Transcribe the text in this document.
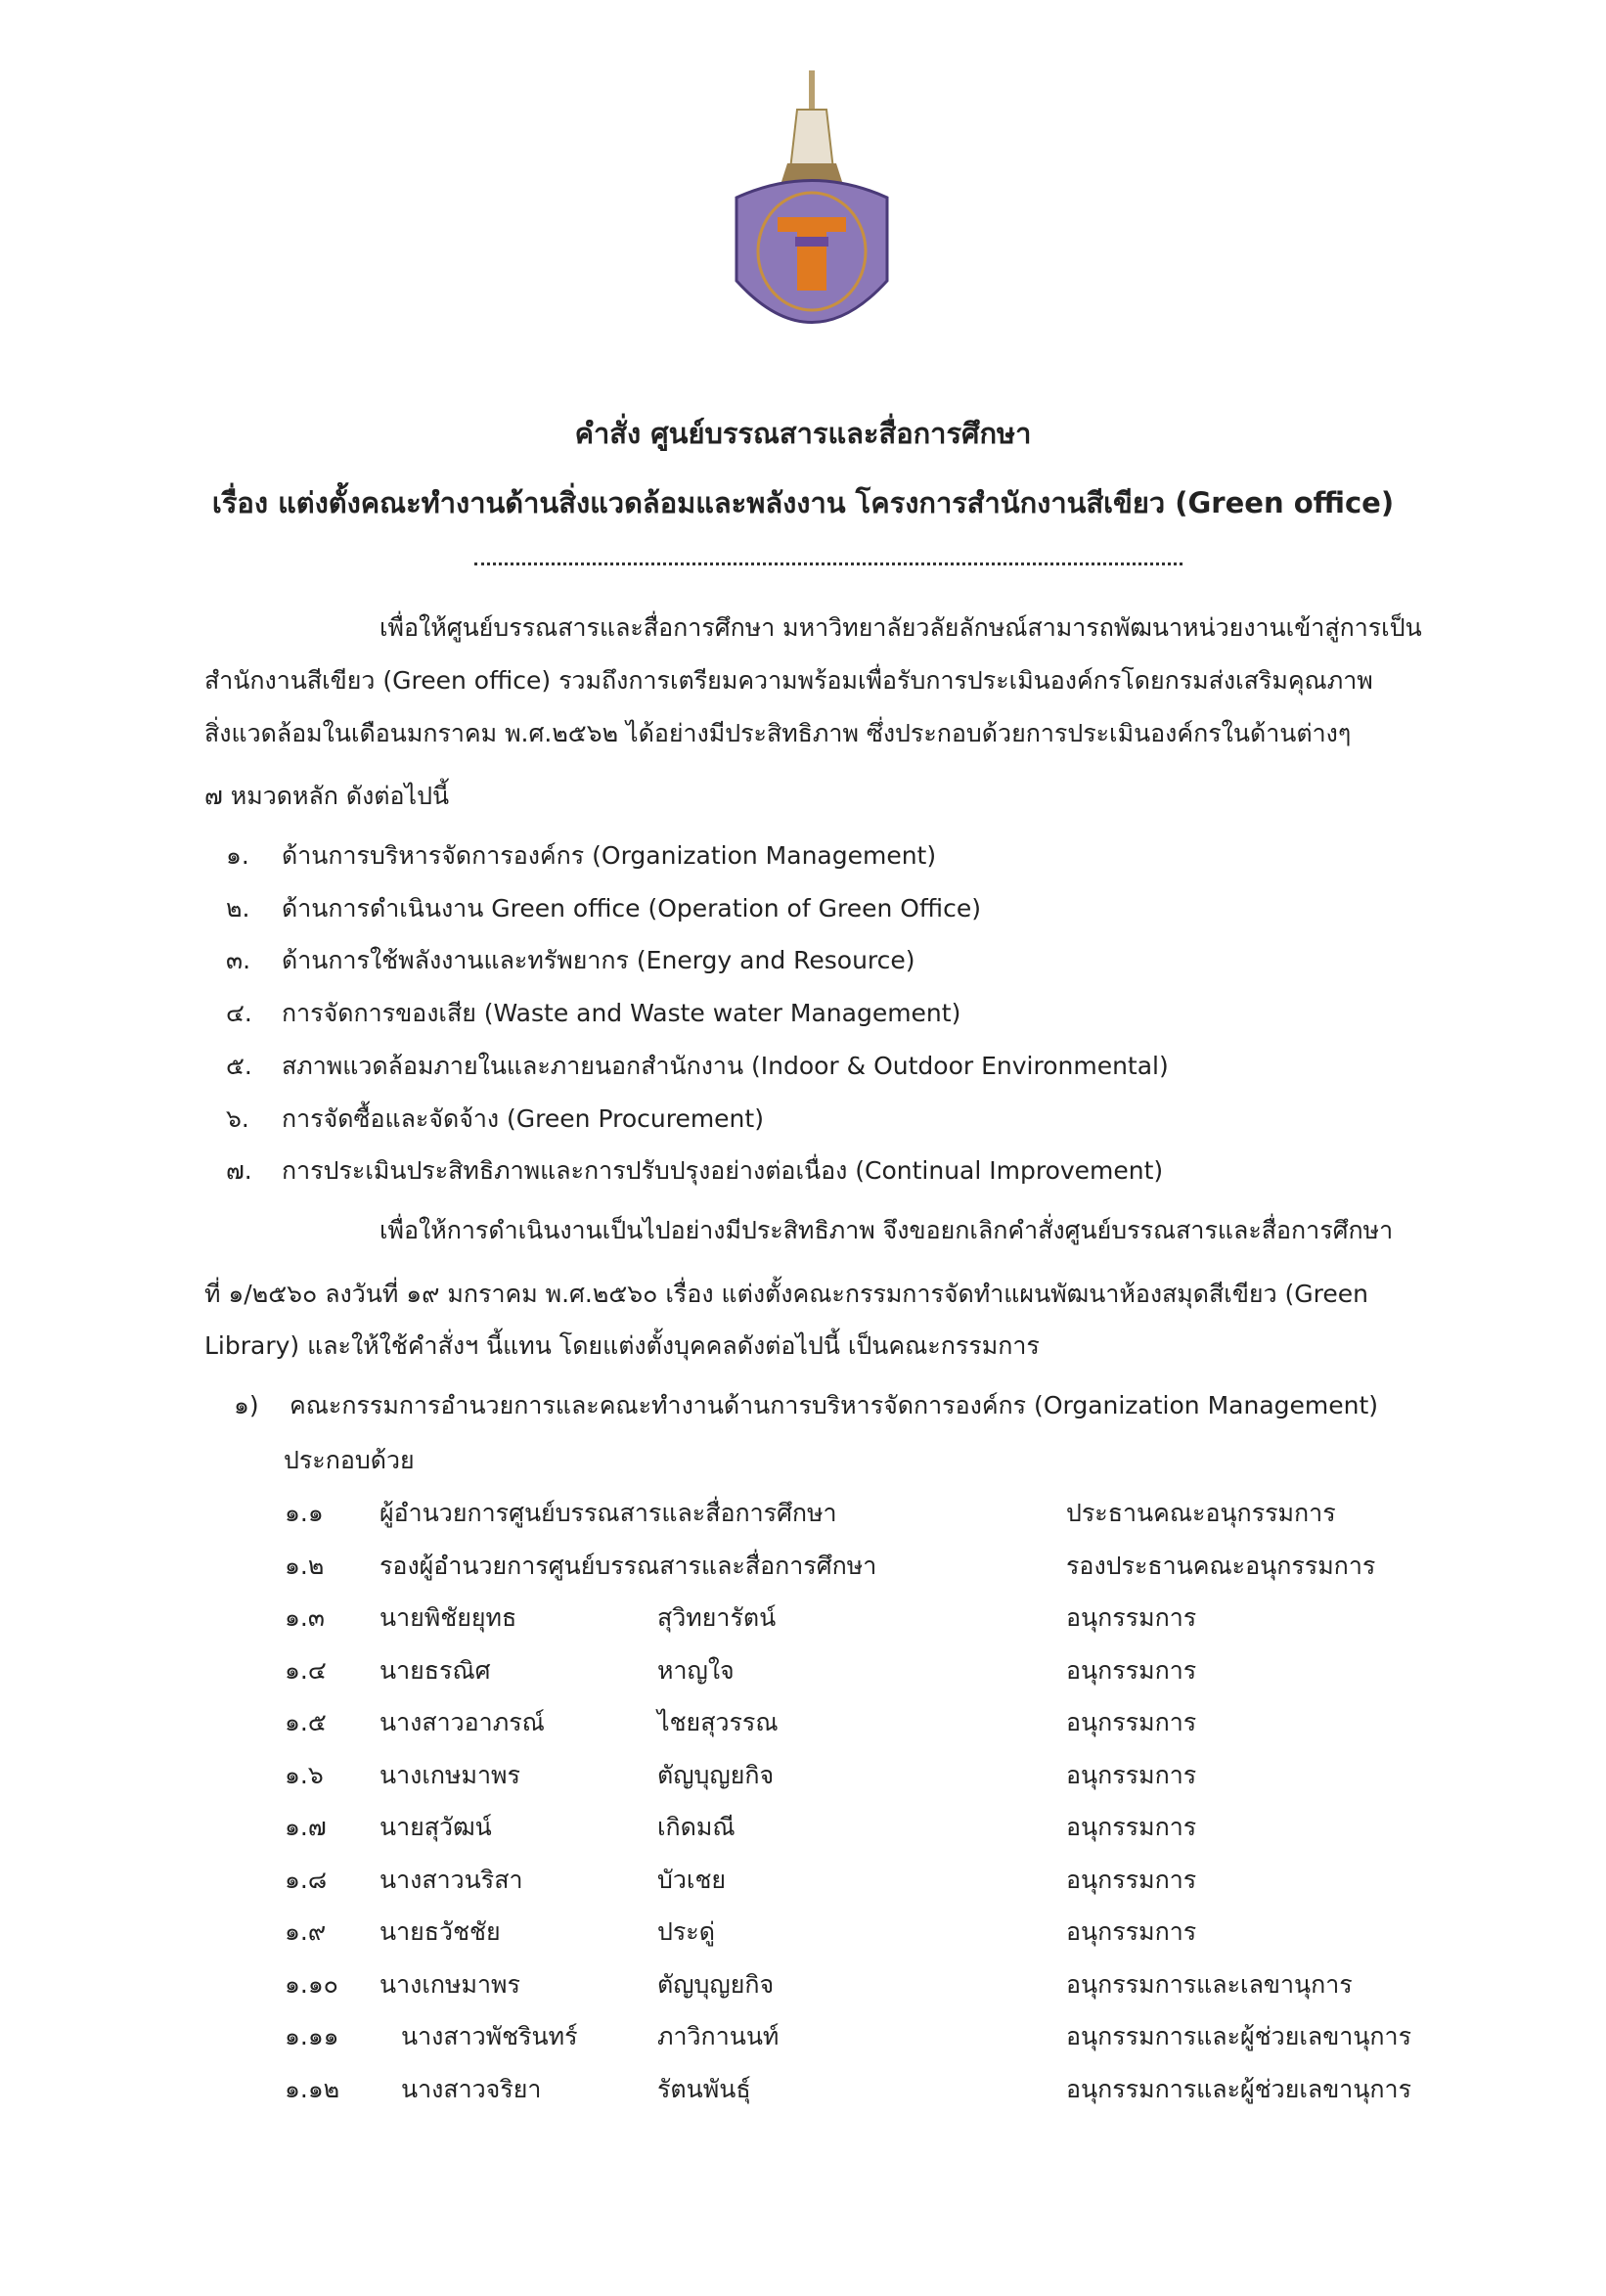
คำสั่ง ศูนย์บรรณสารและสื่อการศึกษา
เรื่อง แต่งตั้งคณะทำงานด้านสิ่งแวดล้อมและพลังงาน โครงการสำนักงานสีเขียว (Green office)
เพื่อให้ศูนย์บรรณสารและสื่อการศึกษา มหาวิทยาลัยวลัยลักษณ์สามารถพัฒนาหน่วยงานเข้าสู่การเป็น
สำนักงานสีเขียว (Green office) รวมถึงการเตรียมความพร้อมเพื่อรับการประเมินองค์กรโดยกรมส่งเสริมคุณภาพ
สิ่งแวดล้อมในเดือนมกราคม พ.ศ.๒๕๖๒ ได้อย่างมีประสิทธิภาพ ซึ่งประกอบด้วยการประเมินองค์กรในด้านต่างๆ
๗ หมวดหลัก ดังต่อไปนี้
๑. ด้านการบริหารจัดการองค์กร (Organization Management)
๒. ด้านการดำเนินงาน Green office (Operation of Green Office)
๓. ด้านการใช้พลังงานและทรัพยากร (Energy and Resource)
๔. การจัดการของเสีย (Waste and Waste water Management)
๕. สภาพแวดล้อมภายในและภายนอกสำนักงาน (Indoor & Outdoor Environmental)
๖. การจัดซื้อและจัดจ้าง (Green Procurement)
๗. การประเมินประสิทธิภาพและการปรับปรุงอย่างต่อเนื่อง (Continual Improvement)
เพื่อให้การดำเนินงานเป็นไปอย่างมีประสิทธิภาพ จึงขอยกเลิกคำสั่งศูนย์บรรณสารและสื่อการศึกษา
ที่ ๑/๒๕๖๐ ลงวันที่ ๑๙ มกราคม พ.ศ.๒๕๖๐ เรื่อง แต่งตั้งคณะกรรมการจัดทำแผนพัฒนาห้องสมุดสีเขียว (Green
Library) และให้ใช้คำสั่งฯ นี้แทน โดยแต่งตั้งบุคคลดังต่อไปนี้ เป็นคณะกรรมการ
๑) คณะกรรมการอำนวยการและคณะทำงานด้านการบริหารจัดการองค์กร (Organization Management)
ประกอบด้วย
๑.๑ ผู้อำนวยการศูนย์บรรณสารและสื่อการศึกษา	ประธานคณะอนุกรรมการ
๑.๒ รองผู้อำนวยการศูนย์บรรณสารและสื่อการศึกษา	รองประธานคณะอนุกรรมการ
๑.๓ นายพิชัยยุทธ	สุวิทยารัตน์	อนุกรรมการ
๑.๔ นายธรณิศ	หาญใจ	อนุกรรมการ
๑.๕ นางสาวอาภรณ์	ไชยสุวรรณ	อนุกรรมการ
๑.๖ นางเกษมาพร	ตัญบุญยกิจ	อนุกรรมการ
๑.๗ นายสุวัฒน์	เกิดมณี	อนุกรรมการ
๑.๘ นางสาวนริสา	บัวเชย	อนุกรรมการ
๑.๙ นายธวัชชัย	ประดู่	อนุกรรมการ
๑.๑๐ นางเกษมาพร	ตัญบุญยกิจ	อนุกรรมการและเลขานุการ
๑.๑๑	นางสาวพัชรินทร์	ภาวิกานนท์	อนุกรรมการและผู้ช่วยเลขานุการ
๑.๑๒	นางสาวจริยา	รัตนพันธุ์	อนุกรรมการและผู้ช่วยเลขานุการ
